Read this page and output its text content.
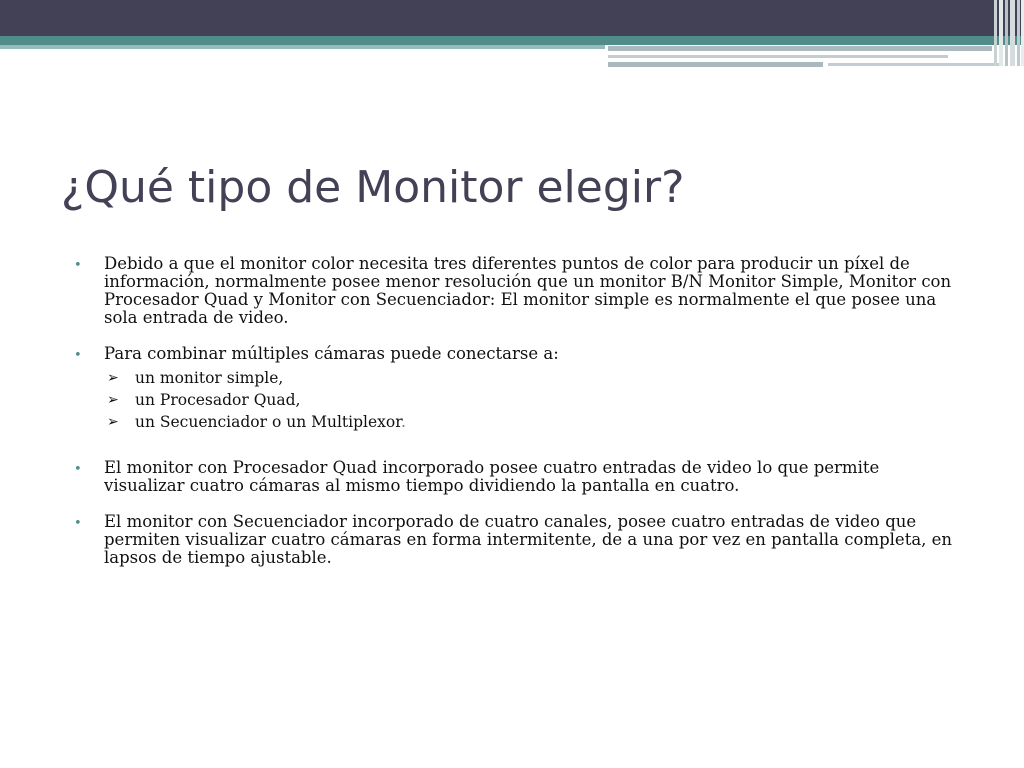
¿Qué tipo de Monitor elegir?
• Debido a que el monitor color necesita tres diferentes puntos de color para producir un píxel de información, normalmente posee menor resolución que un monitor B/N Monitor Simple, Monitor con Procesador Quad y Monitor con Secuenciador: El monitor simple es normalmente el que posee una sola entrada de video.
• Para combinar múltiples cámaras puede conectarse a:
➢ un monitor simple,
➢ un Procesador Quad,
➢ un Secuenciador o un Multiplexor.
• El monitor con Procesador Quad incorporado posee cuatro entradas de video lo que permite visualizar cuatro cámaras al mismo tiempo dividiendo la pantalla en cuatro.
• El monitor con Secuenciador incorporado de cuatro canales, posee cuatro entradas de video que permiten visualizar cuatro cámaras en forma intermitente, de a una por vez en pantalla completa, en lapsos de tiempo ajustable.
